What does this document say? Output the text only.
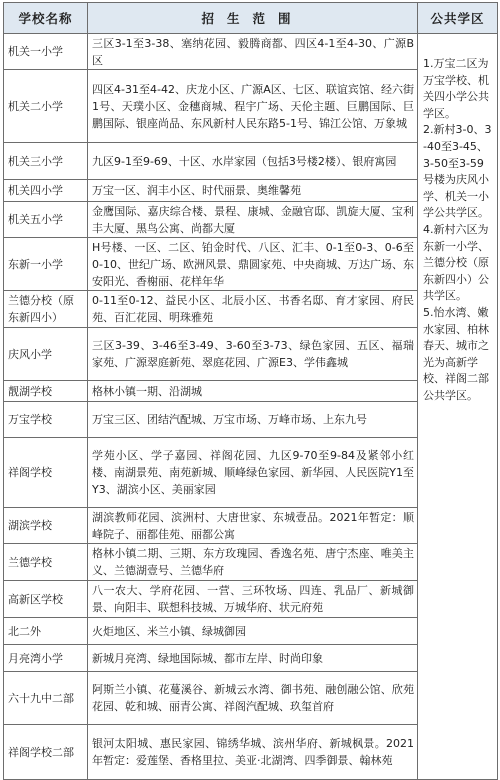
学校名称	招生范围	公共学区
机关一小学	三区3-1至3-38、塞纳花园、毅腾商都、四区4-1至4-30、广源B区	1.万宝二区为万宝学校、机关四小学公共学区。

2.新村3-0、3-40至3-45、3-50至3-59号楼为庆风小学、机关一小学公共学区。

4.新村六区为东新一小学、兰德分校（原东新四小）公共学区。

5.怡水湾、嫩水家园、柏林春天、城市之光为高新学校、祥阁二部公共学区。

机关二小学	四区4-31至4-42、庆龙小区、广源A区、七区、联谊宾馆、经六街1号、天璞小区、金穗商城、程宇广场、天伦主题、巨鹏国际、巨鹏国际、银座尚品、东风新村人民东路5-1号、锦江公馆、万象城	
机关三小学	九区9-1至9-69、十区、水岸家园（包括3号楼2楼）、银府寓园	
机关四小学	万宝一区、润丰小区、时代丽景、奥维馨苑	
机关五小学	金鹰国际、嘉庆综合楼、景程、康城、金融官邸、凯旋大厦、宝利丰大厦、黑鸟公寓、尚都大厦	
东新一小学	H号楼、一区、二区、铂金时代、八区、汇丰、0-1至0-3、0-6至0-10、世纪广场、欧洲风景、鼎圆家苑、中央商城、万达广场、东安阳光、香榭丽、花样年华	
兰德分校（原东新四小）	0-11至0-12、益民小区、北辰小区、书香名邸、育才家园、府民苑、百汇花园、明珠雅苑	
庆风小学	三区3-39、3-46至3-49、3-60至3-73、绿色家园、五区、福瑞家苑、广源翠庭新苑、翠庭花园、广源E3、学伟鑫城	
靓湖学校	格林小镇一期、沿湖城	
万宝学校	万宝三区、团结汽配城、万宝市场、万峰市场、上东九号	
祥阁学校	学苑小区、学子嘉园、祥阁花园、九区9-70至9-84及紧邻小红楼、南湖景苑、南苑新城、顺峰绿色家园、新华园、人民医院Y1至Y3、湖滨小区、美丽家园	
湖滨学校	湖滨教师花园、滨洲村、大唐世家、东城壹品。2021年暂定：顺峰院子、丽都佳苑、丽都公寓	
兰德学校	格林小镇二期、三期、东方玫瑰园、香逸名苑、唐宁杰座、唯美主义、兰德湖壹号、兰德华府	
高新区学校	八一农大、学府花园、一营、三环牧场、四连、乳品厂、新城御景、向阳丰、联想科技城、万城华府、状元府苑	
北二外	火炬地区、米兰小镇、绿城御园	
月亮湾小学	新城月亮湾、绿地国际城、都市左岸、时尚印象	
六十九中二部	阿斯兰小镇、花蔓溪谷、新城云水湾、御书苑、融创融公馆、欣苑花园、乾和城、丽青公寓、祥阁汽配城、玖玺首府	
祥阁学校二部	银河太阳城、惠民家园、锦绣华城、滨州华府、新城枫景。2021年暂定：爱莲堡、香格里拉、美亚·北湖湾、四季御景、翰林苑	
